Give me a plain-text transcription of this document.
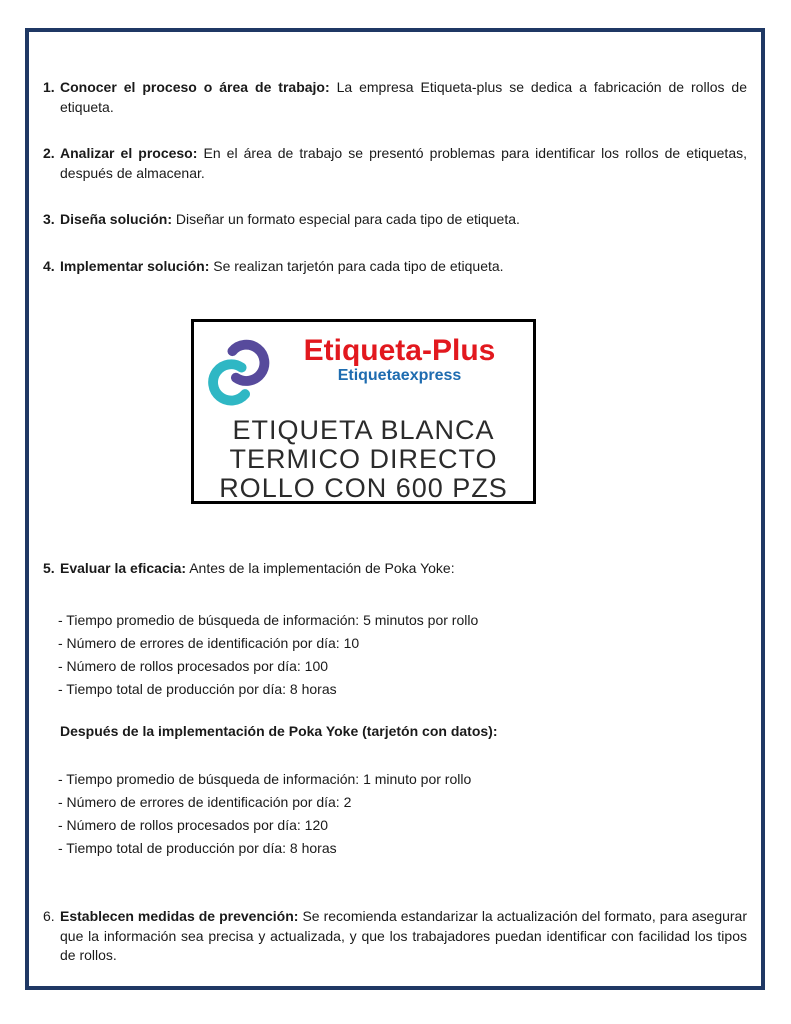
1. Conocer el proceso o área de trabajo: La empresa Etiqueta-plus se dedica a fabricación de rollos de etiqueta.
2. Analizar el proceso: En el área de trabajo se presentó problemas para identificar los rollos de etiquetas, después de almacenar.
3. Diseña solución: Diseñar un formato especial para cada tipo de etiqueta.
4. Implementar solución: Se realizan tarjetón para cada tipo de etiqueta.
Etiqueta-Plus
Etiquetaexpress
ETIQUETA BLANCA
TERMICO DIRECTO
ROLLO CON 600 PZS
5. Evaluar la eficacia: Antes de la implementación de Poka Yoke:
- Tiempo promedio de búsqueda de información: 5 minutos por rollo
- Número de errores de identificación por día: 10
- Número de rollos procesados por día: 100
- Tiempo total de producción por día: 8 horas
Después de la implementación de Poka Yoke (tarjetón con datos):
- Tiempo promedio de búsqueda de información: 1 minuto por rollo
- Número de errores de identificación por día: 2
- Número de rollos procesados por día: 120
- Tiempo total de producción por día: 8 horas
6. Establecen medidas de prevención: Se recomienda estandarizar la actualización del formato, para asegurar que la información sea precisa y actualizada, y que los trabajadores puedan identificar con facilidad los tipos de rollos.
